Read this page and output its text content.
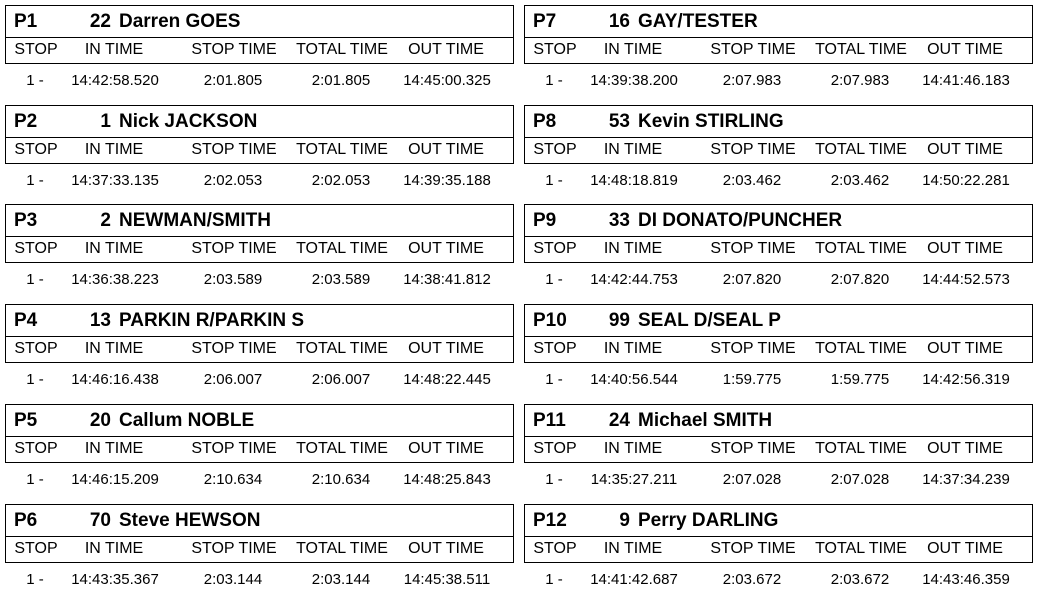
P1	22 Darren GOES
STOP	IN TIME	STOP TIME	TOTAL TIME	OUT TIME
1 -	14:42:58.520	2:01.805	2:01.805	14:45:00.325
P2	1 Nick JACKSON
STOP	IN TIME	STOP TIME	TOTAL TIME	OUT TIME
1 -	14:37:33.135	2:02.053	2:02.053	14:39:35.188
P3	2 NEWMAN/SMITH
STOP	IN TIME	STOP TIME	TOTAL TIME	OUT TIME
1 -	14:36:38.223	2:03.589	2:03.589	14:38:41.812
P4	13 PARKIN R/PARKIN S
STOP	IN TIME	STOP TIME	TOTAL TIME	OUT TIME
1 -	14:46:16.438	2:06.007	2:06.007	14:48:22.445
P5	20 Callum NOBLE
STOP	IN TIME	STOP TIME	TOTAL TIME	OUT TIME
1 -	14:46:15.209	2:10.634	2:10.634	14:48:25.843
P6	70 Steve HEWSON
STOP	IN TIME	STOP TIME	TOTAL TIME	OUT TIME
1 -	14:43:35.367	2:03.144	2:03.144	14:45:38.511
P7	16 GAY/TESTER
STOP	IN TIME	STOP TIME	TOTAL TIME	OUT TIME
1 -	14:39:38.200	2:07.983	2:07.983	14:41:46.183
P8	53 Kevin STIRLING
STOP	IN TIME	STOP TIME	TOTAL TIME	OUT TIME
1 -	14:48:18.819	2:03.462	2:03.462	14:50:22.281
P9	33 DI DONATO/PUNCHER
STOP	IN TIME	STOP TIME	TOTAL TIME	OUT TIME
1 -	14:42:44.753	2:07.820	2:07.820	14:44:52.573
P10	99 SEAL D/SEAL P
STOP	IN TIME	STOP TIME	TOTAL TIME	OUT TIME
1 -	14:40:56.544	1:59.775	1:59.775	14:42:56.319
P11	24 Michael SMITH
STOP	IN TIME	STOP TIME	TOTAL TIME	OUT TIME
1 -	14:35:27.211	2:07.028	2:07.028	14:37:34.239
P12	9 Perry DARLING
STOP	IN TIME	STOP TIME	TOTAL TIME	OUT TIME
1 -	14:41:42.687	2:03.672	2:03.672	14:43:46.359
